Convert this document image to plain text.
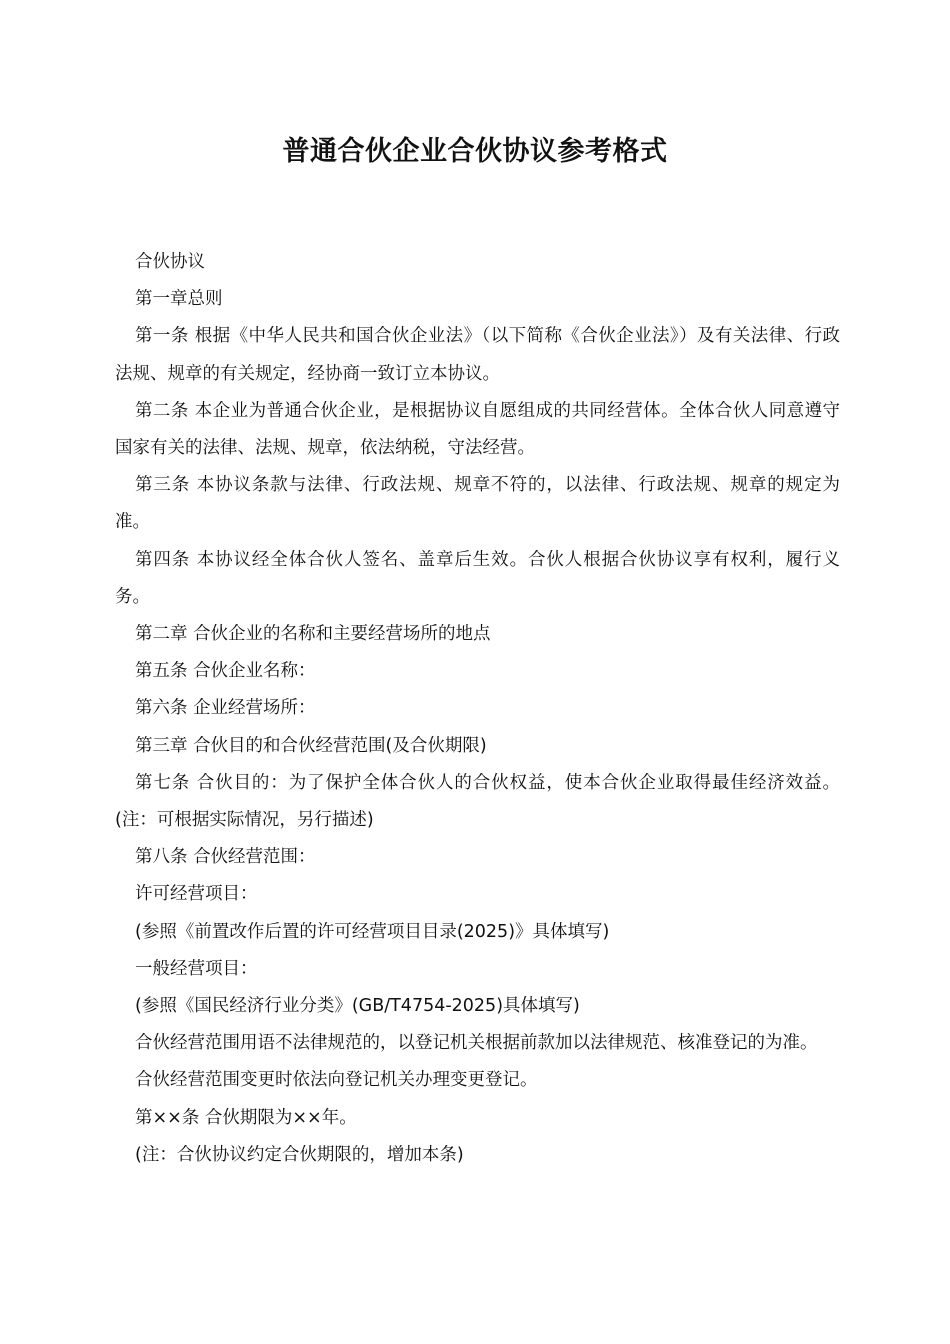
普通合伙企业合伙协议参考格式

合伙协议

第一章总则

第一条 根据《中华人民共和国合伙企业法》（以下简称《合伙企业法》）及有关法律、行政法规、规章的有关规定，经协商一致订立本协议。

第二条 本企业为普通合伙企业，是根据协议自愿组成的共同经营体。全体合伙人同意遵守国家有关的法律、法规、规章，依法纳税，守法经营。

第三条 本协议条款与法律、行政法规、规章不符的，以法律、行政法规、规章的规定为准。

第四条 本协议经全体合伙人签名、盖章后生效。合伙人根据合伙协议享有权利，履行义务。

第二章 合伙企业的名称和主要经营场所的地点

第五条 合伙企业名称：

第六条 企业经营场所：

第三章 合伙目的和合伙经营范围(及合伙期限)

第七条 合伙目的：为了保护全体合伙人的合伙权益，使本合伙企业取得最佳经济效益。(注：可根据实际情况，另行描述)

第八条 合伙经营范围：

许可经营项目：

(参照《前置改作后置的许可经营项目目录(2025)》具体填写)

一般经营项目：

(参照《国民经济行业分类》(GB/T4754-2025)具体填写)

合伙经营范围用语不法律规范的，以登记机关根据前款加以法律规范、核准登记的为准。

合伙经营范围变更时依法向登记机关办理变更登记。

第××条 合伙期限为××年。

(注：合伙协议约定合伙期限的，增加本条)
